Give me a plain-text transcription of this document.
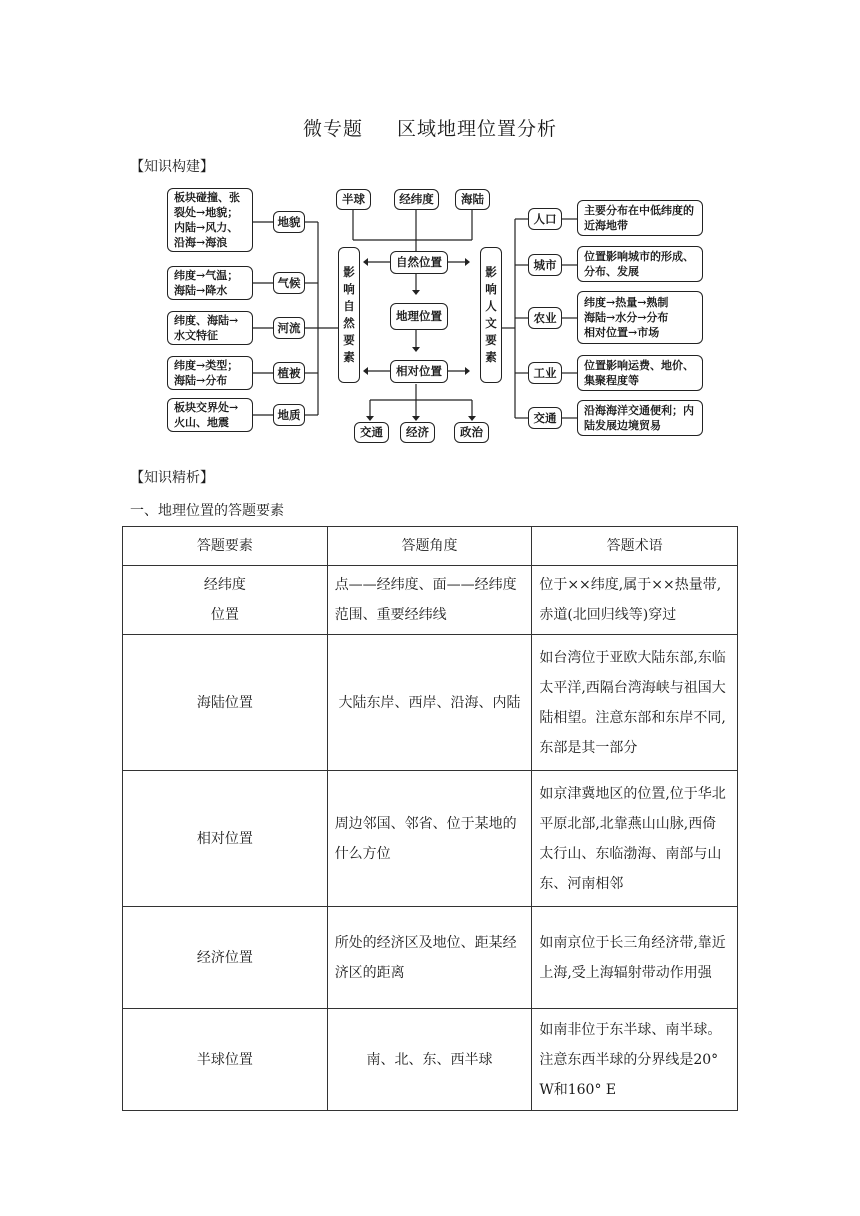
微专题 区域地理位置分析
【知识构建】
板块碰撞、张裂处→地貌；内陆→风力、沿海→海浪
纬度→气温；海陆→降水
纬度、海陆→水文特征
纬度→类型；海陆→分布
板块交界处→火山、地震
地貌
气候
河流
植被
地质
影响自然要素
影响人文要素
半球	经纬度	海陆
自然位置
地理位置
相对位置
交通	经济	政治
人口
城市
农业
工业
交通
主要分布在中低纬度的近海地带
位置影响城市的形成、分布、发展
纬度→热量→熟制
海陆→水分→分布
相对位置→市场
位置影响运费、地价、集聚程度等
沿海海洋交通便利；内陆发展边境贸易
【知识精析】
一、地理位置的答题要素
答题要素	答题角度	答题术语

经纬度位置	点——经纬度、面——经纬度范围、重要经纬线	位于××纬度,属于××热量带,赤道(北回归线等)穿过
海陆位置	大陆东岸、西岸、沿海、内陆	如台湾位于亚欧大陆东部,东临太平洋,西隔台湾海峡与祖国大陆相望。注意东部和东岸不同,东部是其一部分
相对位置	周边邻国、邻省、位于某地的什么方位	如京津冀地区的位置,位于华北平原北部,北靠燕山山脉,西倚太行山、东临渤海、南部与山东、河南相邻
经济位置	所处的经济区及地位、距某经济区的距离	如南京位于长三角经济带,靠近上海,受上海辐射带动作用强
半球位置	南、北、东、西半球	如南非位于东半球、南半球。注意东西半球的分界线是20° W和160° E
